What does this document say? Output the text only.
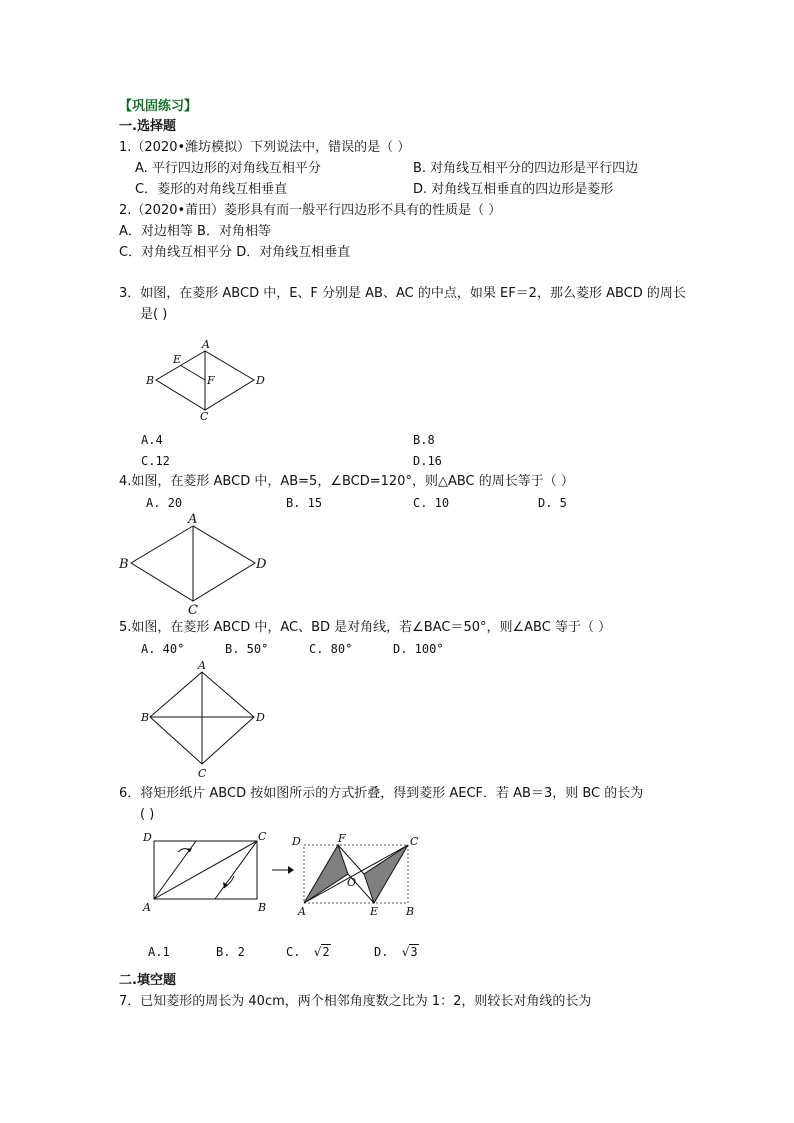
【巩固练习】
一.选择题
1.（2020•潍坊模拟）下列说法中，错误的是（ ）
A. 平行四边形的对角线互相平分	B. 对角线互相平分的四边形是平行四边
C．菱形的对角线互相垂直	D. 对角线互相垂直的四边形是菱形
2.（2020•莆田）菱形具有而一般平行四边形不具有的性质是（ ）
A．对边相等 B．对角相等
C．对角线互相平分 D．对角线互相垂直
3．如图，在菱形 ABCD 中，E、F 分别是 AB、AC 的中点，如果 EF＝2，那么菱形 ABCD 的周长
是( )
A
B
C
D
E
F
A.4	B.8
C.12	D.16
4.如图，在菱形 ABCD 中，AB=5，∠BCD=120°，则△ABC 的周长等于（ ）
A. 20	B. 15	C. 10	D. 5
A
B
C
D
5.如图，在菱形 ABCD 中，AC、BD 是对角线，若∠BAC＝50°，则∠ABC 等于（ ）
A. 40°	B. 50°	C. 80°	D. 100°
A
B
C
D
6．将矩形纸片 ABCD 按如图所示的方式折叠，得到菱形 AECF．若 AB＝3，则 BC 的长为
( )
D	C
A	B
D	F	C
O
A	E	B
A.1	B. 2	C. √2	D. √3
二.填空题
7．已知菱形的周长为 40cm，两个相邻角度数之比为 1：2，则较长对角线的长为
